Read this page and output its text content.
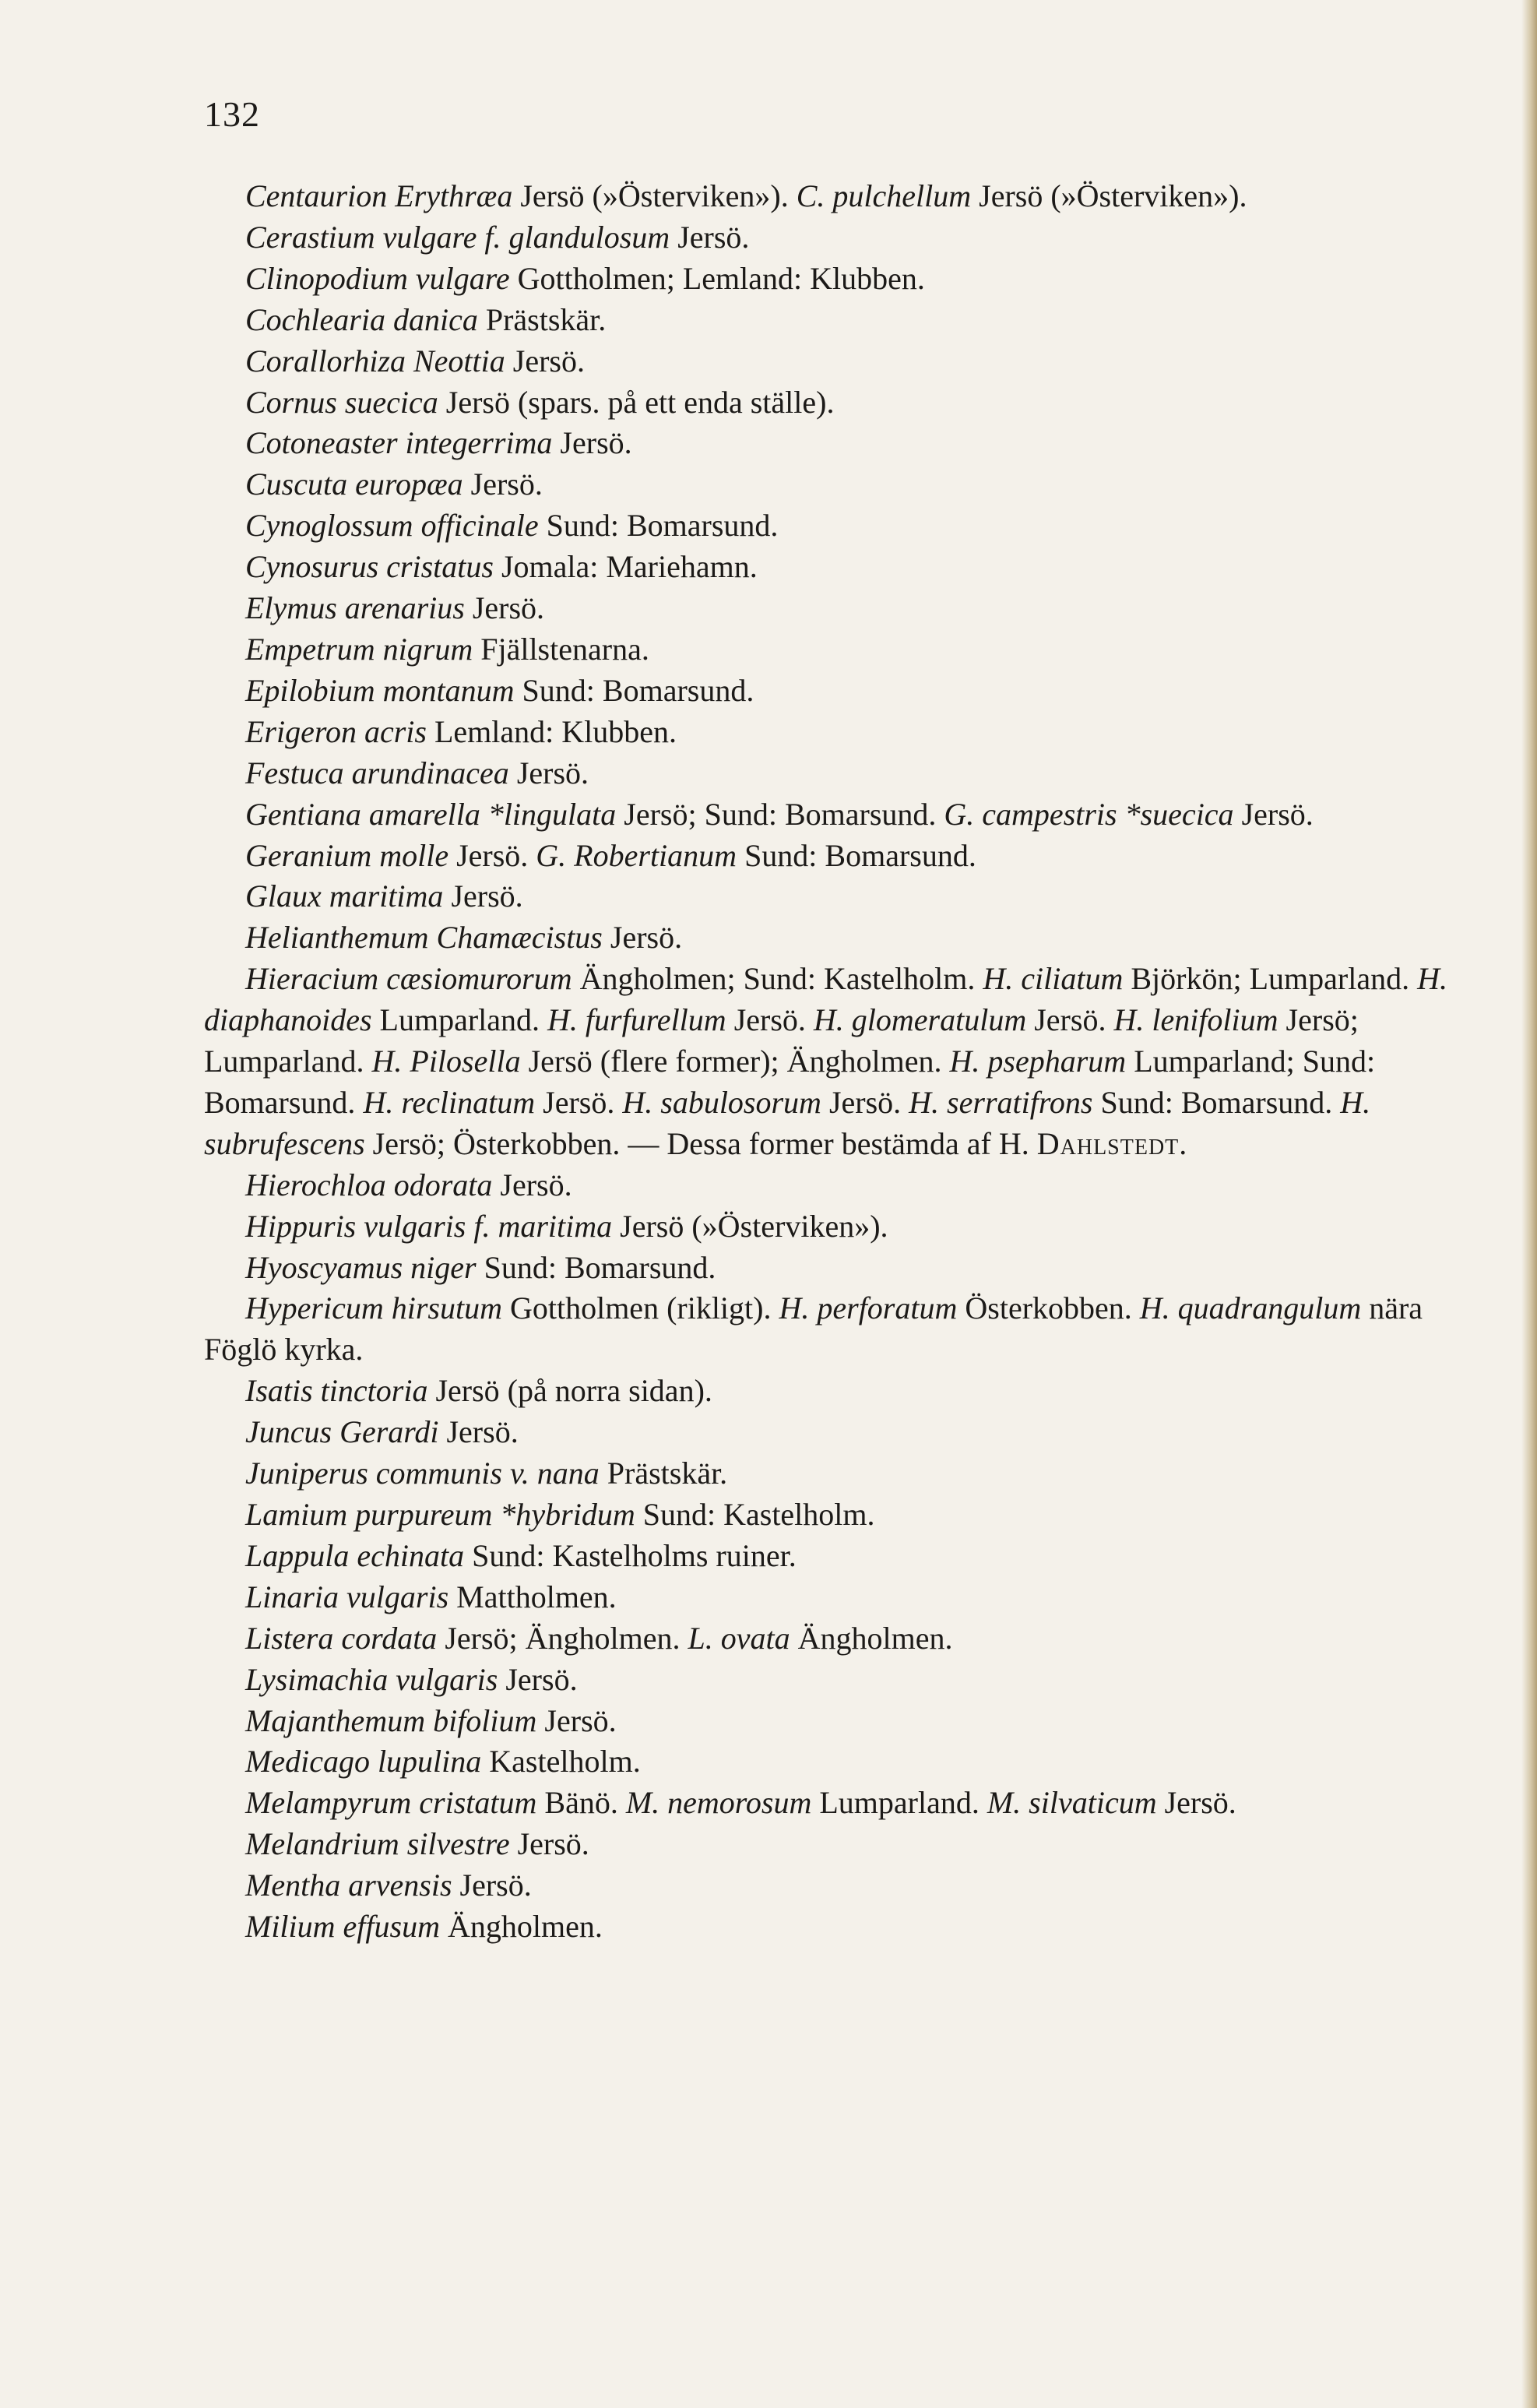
132

Centaurion Erythræa Jersö (»Österviken»). C. pulchellum Jersö (»Österviken»).

Cerastium vulgare f. glandulosum Jersö.

Clinopodium vulgare Gottholmen; Lemland: Klubben.

Cochlearia danica Prästskär.

Corallorhiza Neottia Jersö.

Cornus suecica Jersö (spars. på ett enda ställe).

Cotoneaster integerrima Jersö.

Cuscuta europæa Jersö.

Cynoglossum officinale Sund: Bomarsund.

Cynosurus cristatus Jomala: Mariehamn.

Elymus arenarius Jersö.

Empetrum nigrum Fjällstenarna.

Epilobium montanum Sund: Bomarsund.

Erigeron acris Lemland: Klubben.

Festuca arundinacea Jersö.

Gentiana amarella *lingulata Jersö; Sund: Bomarsund. G. campestris *suecica Jersö.

Geranium molle Jersö. G. Robertianum Sund: Bomarsund.

Glaux maritima Jersö.

Helianthemum Chamæcistus Jersö.

Hieracium cæsiomurorum Ängholmen; Sund: Kastelholm. H. ciliatum Björkön; Lumparland. H. diaphanoides Lumparland. H. furfurellum Jersö. H. glomeratulum Jersö. H. lenifolium Jersö; Lumparland. H. Pilosella Jersö (flere former); Ängholmen. H. psepharum Lumparland; Sund: Bomarsund. H. reclinatum Jersö. H. sabulosorum Jersö. H. serratifrons Sund: Bomarsund. H. subrufescens Jersö; Österkobben. — Dessa former bestämda af H. Dahlstedt.

Hierochloa odorata Jersö.

Hippuris vulgaris f. maritima Jersö (»Österviken»).

Hyoscyamus niger Sund: Bomarsund.

Hypericum hirsutum Gottholmen (rikligt). H. perforatum Österkobben. H. quadrangulum nära Föglö kyrka.

Isatis tinctoria Jersö (på norra sidan).

Juncus Gerardi Jersö.

Juniperus communis v. nana Prästskär.

Lamium purpureum *hybridum Sund: Kastelholm.

Lappula echinata Sund: Kastelholms ruiner.

Linaria vulgaris Mattholmen.

Listera cordata Jersö; Ängholmen. L. ovata Ängholmen.

Lysimachia vulgaris Jersö.

Majanthemum bifolium Jersö.

Medicago lupulina Kastelholm.

Melampyrum cristatum Bänö. M. nemorosum Lumparland. M. silvaticum Jersö.

Melandrium silvestre Jersö.

Mentha arvensis Jersö.

Milium effusum Ängholmen.
